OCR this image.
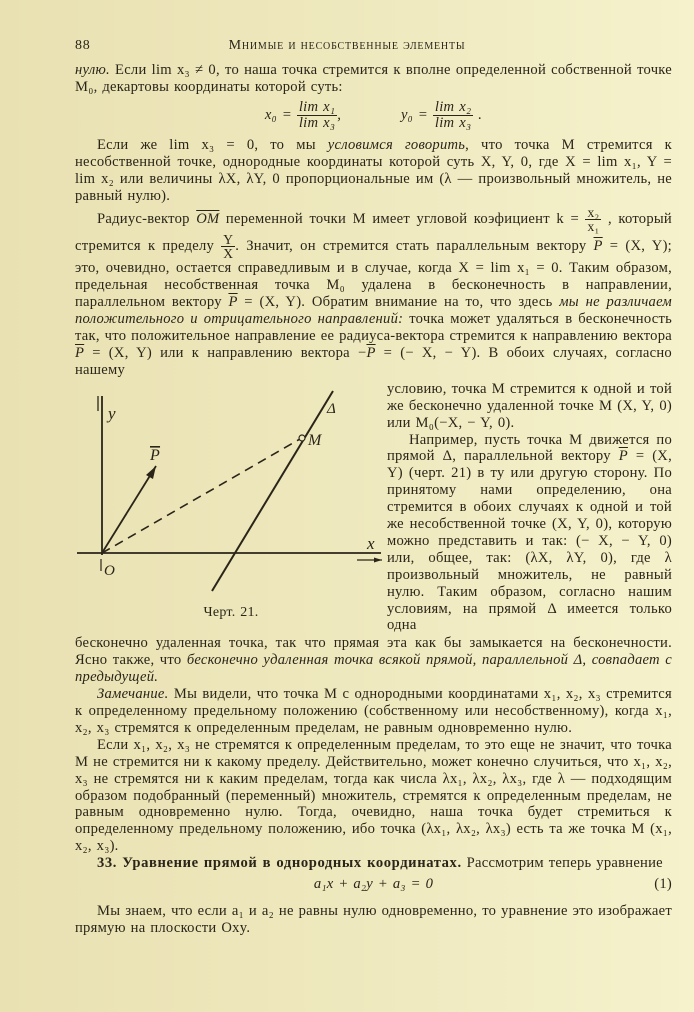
88	Мнимые и несобственные элементы

нулю. Если lim x₃ ≠ 0, то наша точка стремится к вполне определенной собственной точке M₀, декартовы координаты которой суть:

$x_0 = \frac{\text{lim x₁}}{\text{lim x₃}}$ ,	$y_0 = \frac{\text{lim x₂}}{\text{lim x₃}}$ .

Если же lim x₃ = 0, то мы условимся говорить, что точка M стремится к несобственной точке, однородные координаты которой суть X, Y, 0, где X = lim x₁, Y = lim x₂ или величины λX, λY, 0 пропорциональные им (λ — произвольный множитель, не равный нулю).

Радиус-вектор $\overline{OM}$ переменной точки M имеет угловой коэфициент $k = \frac{\text{x₂}}{\text{x₁}}$ , который стремится к пределу $\frac{Y}{X}$ . Значит, он стремится стать параллельным вектору $\overline{P} = (X$, Y); это, очевидно, остается справедливым и в случае, когда X = lim x₁ = 0. Таким образом, предельная несобственная точка M₀ удалена в бесконечность в направлении, параллельном вектору $\overline{P} = (X$, Y). Обратим внимание на то, что здесь мы не различаем положительного и отрицательного направлений: точка может удаляться в бесконечность так, что положительное направление ее радиуса-вектора стремится к направлению вектора $\overline{P} = (X$, Y) или к направлению вектора $-\overline{P}$ = (− X, − Y). В обоих случаях, согласно нашему

y
x
O
P
M
Δ
Черт. 21.

условию, точка M стремится к одной и той же бесконечно удаленной точке M (X, Y, 0) или M₀(−X, − Y, 0).

Например, пусть точка M движется по прямой Δ, параллельной вектору $\overline{P} = (X$, Y) (черт. 21) в ту или другую сторону. По принятому нами определению, она стремится в обоих случаях к одной и той же несобственной точке (X, Y, 0), которую можно представить и так: (− X, − Y, 0) или, общее, так: (λX, λY, 0), где λ произвольный множитель, не равный нулю. Таким образом, согласно нашим условиям, на прямой Δ имеется только одна

бесконечно удаленная точка, так что прямая эта как бы замыкается на бесконечности. Ясно также, что бесконечно удаленная точка всякой прямой, параллельной Δ, совпадает с предыдущей.

Замечание. Мы видели, что точка M с однородными координатами x₁, x₂, x₃ стремится к определенному предельному положению (собственному или несобственному), когда x₁, x₂, x₃ стремятся к определенным пределам, не равным одновременно нулю.

Если x₁, x₂, x₃ не стремятся к определенным пределам, то это еще не значит, что точка M не стремится ни к какому пределу. Действительно, может конечно случиться, что x₁, x₂, x₃ не стремятся ни к каким пределам, тогда как числа λx₁, λx₂, λx₃, где λ — подходящим образом подобранный (переменный) множитель, стремятся к определенным пределам, не равным одновременно нулю. Тогда, очевидно, наша точка будет стремиться к определенному предельному положению, ибо точка (λx₁, λx₂, λx₃) есть та же точка M (x₁, x₂, x₃).

33. Уравнение прямой в однородных координатах. Рассмотрим теперь уравнение

a₁x + a₂y + a₃ = 0	(1)

Мы знаем, что если a₁ и a₂ не равны нулю одновременно, то уравнение это изображает прямую на плоскости Oxy.
